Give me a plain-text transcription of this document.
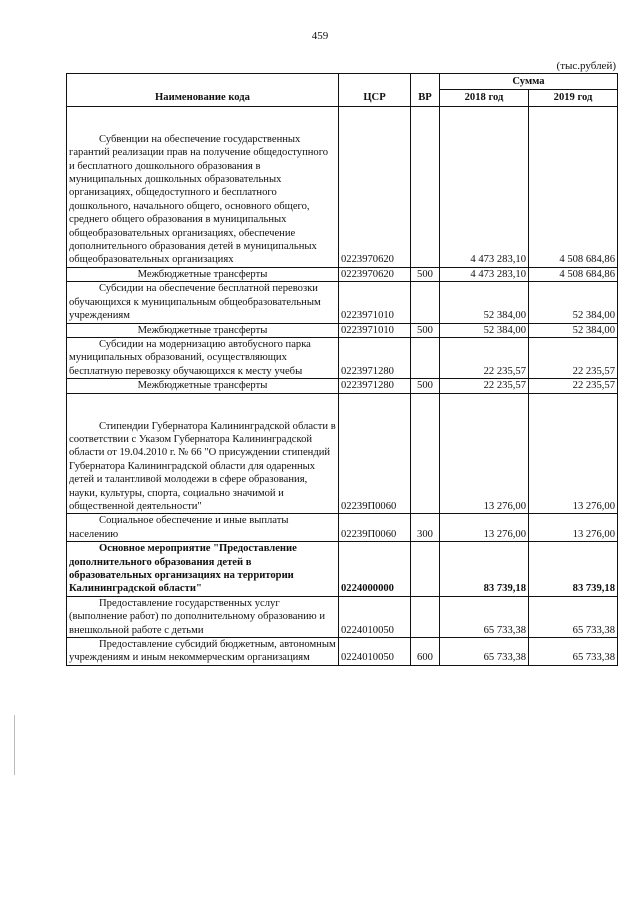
459
(тыс.рублей)
Наименование кода	ЦСР	ВР	Сумма	
			2018 год	2019 год
Субвенции на обеспечение государственных гарантий реализации прав на получение общедоступного и бесплатного дошкольного образования в муниципальных дошкольных образовательных организациях, общедоступного и бесплатного дошкольного, начального общего, основного общего, среднего общего образования в муниципальных общеобразовательных организациях, обеспечение дополнительного образования детей в муниципальных общеобразовательных организациях	0223970620		4 473 283,10	4 508 684,86
Межбюджетные трансферты	0223970620	500	4 473 283,10	4 508 684,86
Субсидии на обеспечение бесплатной перевозки обучающихся к муниципальным общеобразовательным учреждениям	0223971010		52 384,00	52 384,00
Межбюджетные трансферты	0223971010	500	52 384,00	52 384,00
Субсидии на модернизацию автобусного парка муниципальных образований, осуществляющих бесплатную перевозку обучающихся к месту учебы	0223971280		22 235,57	22 235,57
Межбюджетные трансферты	0223971280	500	22 235,57	22 235,57
Стипендии Губернатора Калининградской области в соответствии с Указом Губернатора Калининградской области от 19.04.2010 г. № 66 "О присуждении стипендий Губернатора Калининградской области для одаренных детей и талантливой молодежи в сфере образования, науки, культуры, спорта, социально значимой и общественной деятельности"	02239П0060		13 276,00	13 276,00
Социальное обеспечение и иные выплаты населению	02239П0060	300	13 276,00	13 276,00
Основное мероприятие "Предоставление дополнительного образования детей в образовательных организациях на территории Калининградской области"	0224000000		83 739,18	83 739,18
Предоставление государственных услуг (выполнение работ) по дополнительному образованию и внешкольной работе с детьми	0224010050		65 733,38	65 733,38
Предоставление субсидий бюджетным, автономным учреждениям и иным некоммерческим организациям	0224010050	600	65 733,38	65 733,38
